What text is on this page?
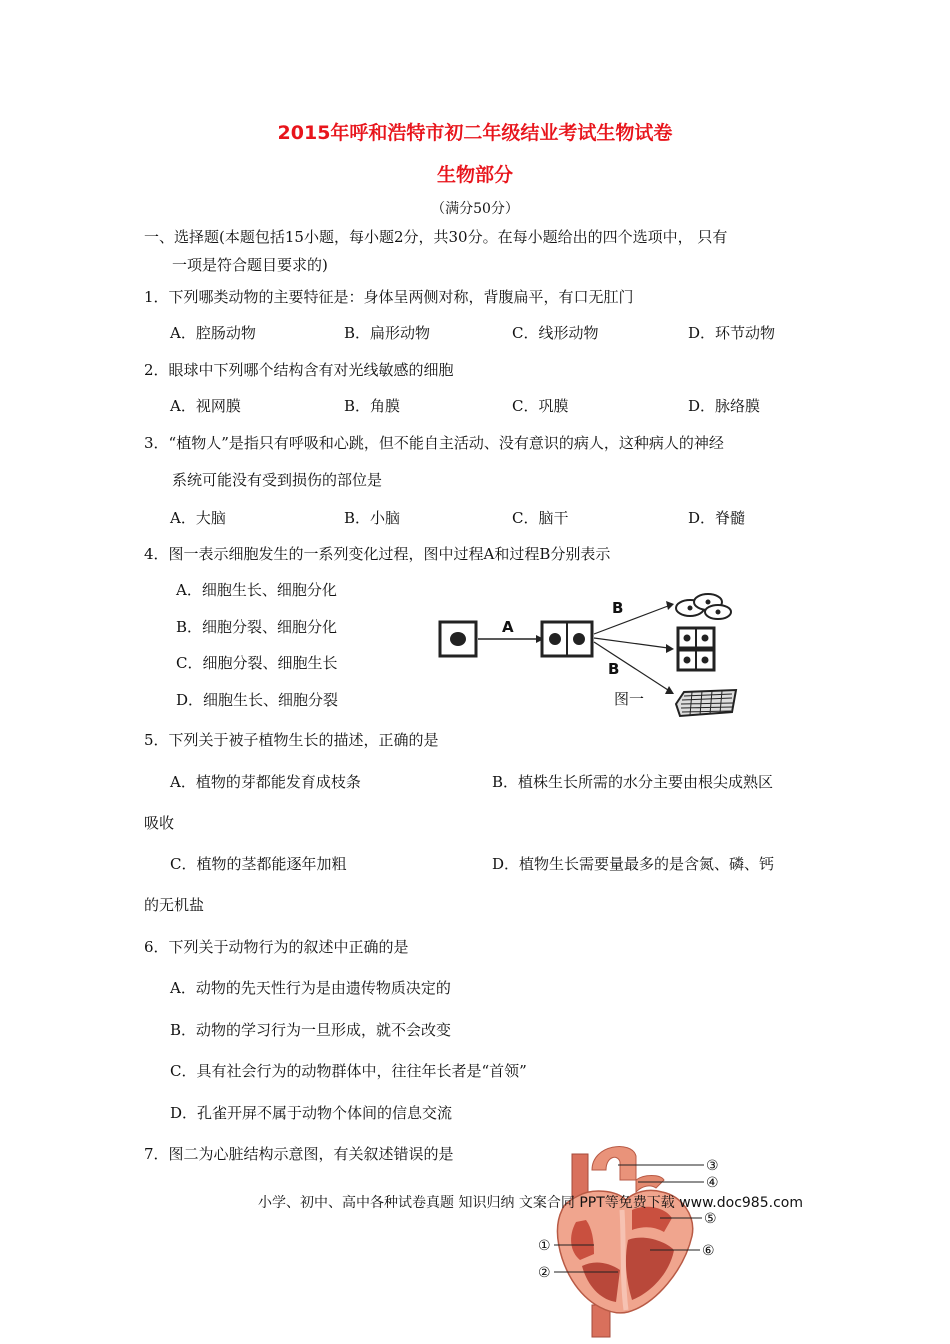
2015年呼和浩特市初二年级结业考试生物试卷
生物部分
（满分50分）
一、选择题(本题包括15小题，每小题2分，共30分。在每小题给出的四个选项中， 只有
一项是符合题目要求的)
1．下列哪类动物的主要特征是：身体呈两侧对称，背腹扁平，有口无肛门
A．腔肠动物	B．扁形动物	C．线形动物	D．环节动物
2．眼球中下列哪个结构含有对光线敏感的细胞
A．视网膜	B．角膜	C．巩膜	D．脉络膜
3．“植物人”是指只有呼吸和心跳，但不能自主活动、没有意识的病人，这种病人的神经
系统可能没有受到损伤的部位是
A．大脑	B．小脑	C．脑干	D．脊髓
4．图一表示细胞发生的一系列变化过程，图中过程A和过程B分别表示
A．细胞生长、细胞分化
B．细胞分裂、细胞分化
C．细胞分裂、细胞生长
D．细胞生长、细胞分裂
A
B
B
图一
5．下列关于被子植物生长的描述，正确的是
A．植物的芽都能发育成枝条	B．植株生长所需的水分主要由根尖成熟区
吸收
C．植物的茎都能逐年加粗	D．植物生长需要量最多的是含氮、磷、钙
的无机盐
6．下列关于动物行为的叙述中正确的是
A．动物的先天性行为是由遗传物质决定的
B．动物的学习行为一旦形成，就不会改变
C．具有社会行为的动物群体中，往往年长者是“首领”
D．孔雀开屏不属于动物个体间的信息交流
7．图二为心脏结构示意图，有关叙述错误的是
③
④
⑤
⑥
①
②
小学、初中、高中各种试卷真题 知识归纳 文案合同 PPT等免费下载 www.doc985.com
